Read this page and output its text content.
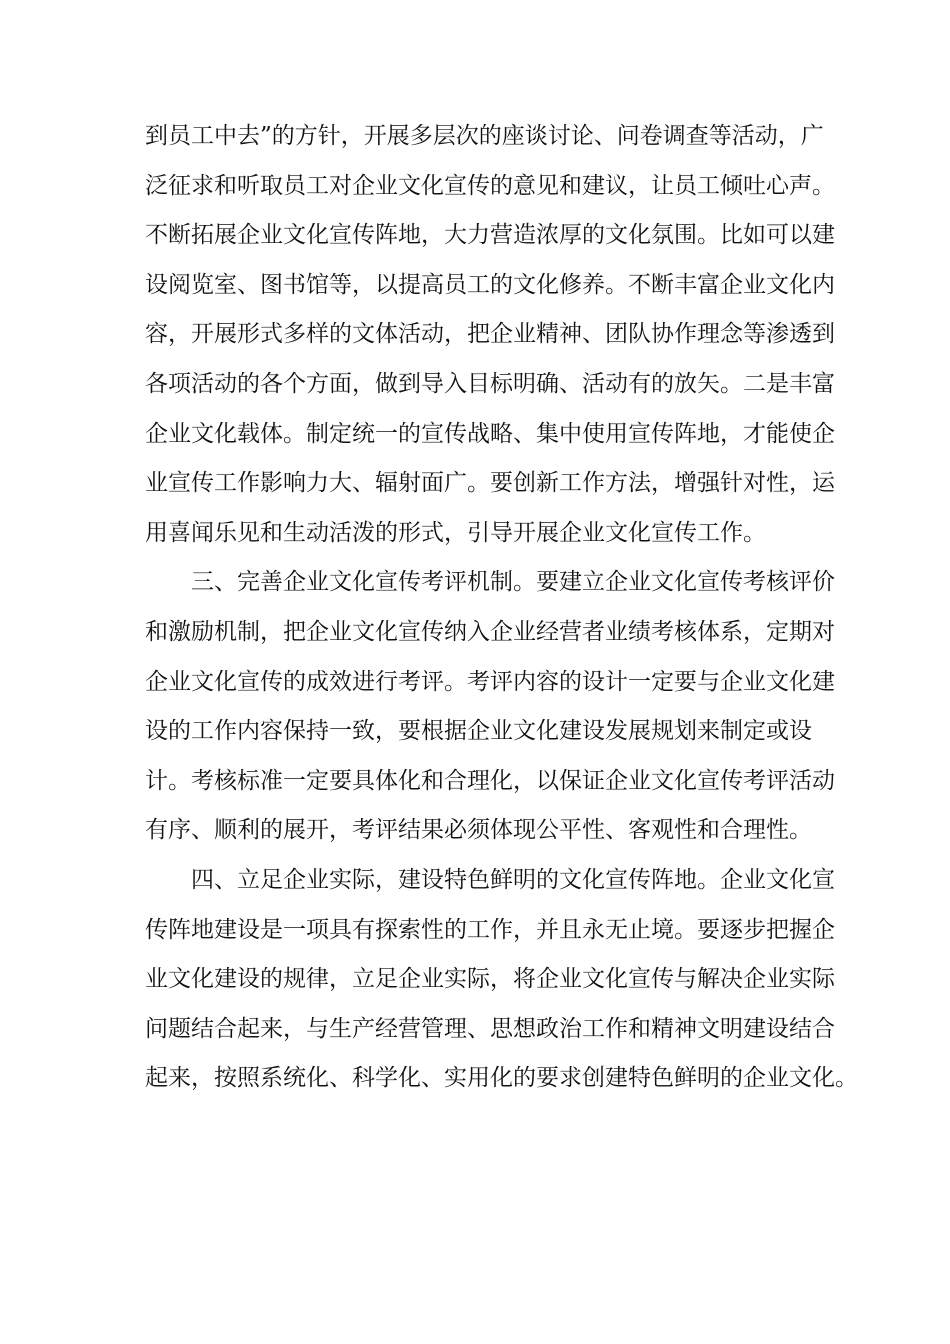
到员工中去”的方针，开展多层次的座谈讨论、问卷调查等活动，广
泛征求和听取员工对企业文化宣传的意见和建议，让员工倾吐心声。
不断拓展企业文化宣传阵地，大力营造浓厚的文化氛围。比如可以建
设阅览室、图书馆等，以提高员工的文化修养。不断丰富企业文化内
容，开展形式多样的文体活动，把企业精神、团队协作理念等渗透到
各项活动的各个方面，做到导入目标明确、活动有的放矢。二是丰富
企业文化载体。制定统一的宣传战略、集中使用宣传阵地，才能使企
业宣传工作影响力大、辐射面广。要创新工作方法，增强针对性，运
用喜闻乐见和生动活泼的形式，引导开展企业文化宣传工作。
　　三、完善企业文化宣传考评机制。要建立企业文化宣传考核评价
和激励机制，把企业文化宣传纳入企业经营者业绩考核体系，定期对
企业文化宣传的成效进行考评。考评内容的设计一定要与企业文化建
设的工作内容保持一致，要根据企业文化建设发展规划来制定或设
计。考核标准一定要具体化和合理化，以保证企业文化宣传考评活动
有序、顺利的展开，考评结果必须体现公平性、客观性和合理性。
　　四、立足企业实际，建设特色鲜明的文化宣传阵地。企业文化宣
传阵地建设是一项具有探索性的工作，并且永无止境。要逐步把握企
业文化建设的规律，立足企业实际，将企业文化宣传与解决企业实际
问题结合起来，与生产经营管理、思想政治工作和精神文明建设结合
起来，按照系统化、科学化、实用化的要求创建特色鲜明的企业文化。
